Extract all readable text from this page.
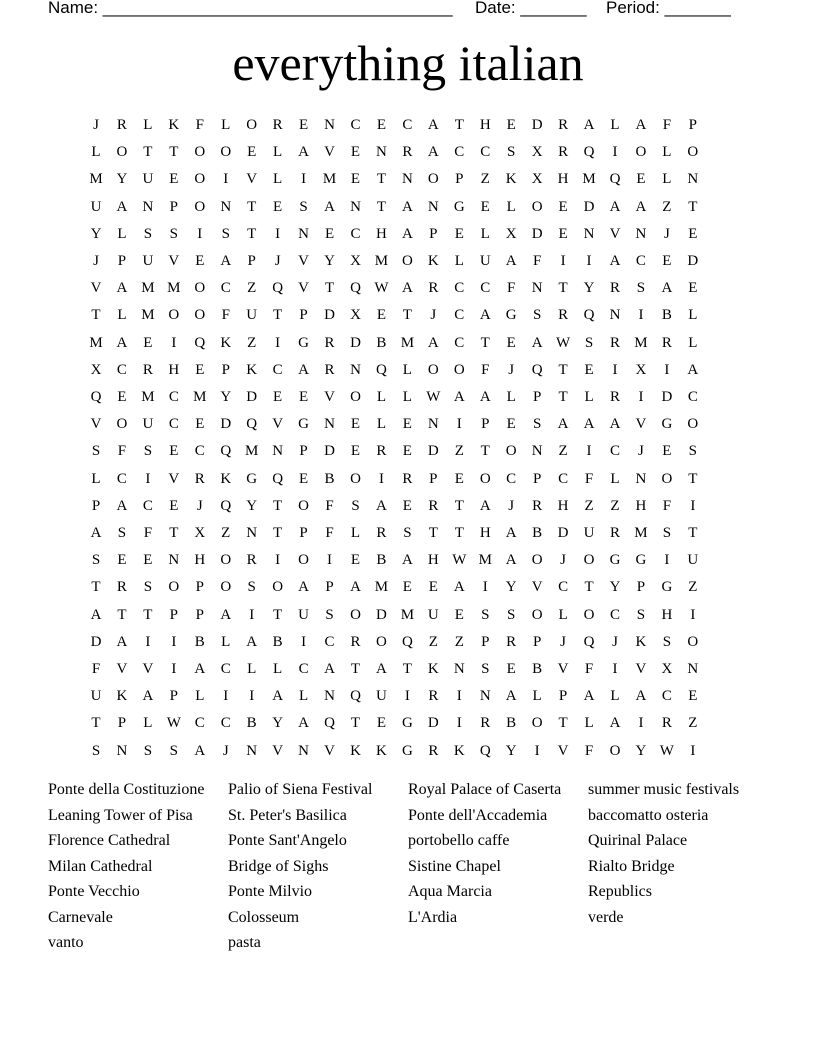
Name: _____________________________________ Date: _______ Period: _______
everything italian
J	R	L	K	F	L	O	R	E	N	C	E	C	A	T	H	E	D	R	A	L	A	F	P
L	O	T	T	O	O	E	L	A	V	E	N	R	A	C	C	S	X	R	Q	I	O	L	O
M Y	U	E	O	I	V	L	I	M E	T	N	O	P	Z	K	X	H M Q	E	L	N
U	A	N	P	O	N	T	E	S	A	N	T	A	N	G	E	L	O	E	D	A	A	Z	T
Y	L	S	S	I	S	T	I	N	E	C	H	A	P	E	L	X	D	E	N	V	N	J	E
J	P	U	V	E	A	P	J	V	Y	X M O	K	L	U	A	F	I	I	A	C	E	D
V	A M M O	C	Z	Q	V	T	Q W A	R	C	C	F	N	T	Y	R	S	A	E
T	L M O	O	F	U	T	P	D	X	E	T	J	C	A	G	S	R	Q	N	I	B	L
M A	E	I	Q	K	Z	I	G	R	D	B M A	C	T	E	A W S	R M R	L
X	C	R	H	E	P	K	C	A	R	N	Q	L	O	O	F	J	Q	T	E	I	X	I	A
Q	E M C M Y	D	E	E	V	O	L	L W A	A	L	P	T	L	R	I	D	C
V	O	U	C	E	D	Q	V	G	N	E	L	E	N	I	P	E	S	A	A	A	V	G	O
S	F	S	E	C	Q M N	P	D	E	R	E	D	Z	T	O	N	Z	I	C	J	E	S
L	C	I	V	R	K	G	Q	E	B	O	I	R	P	E	O	C	P	C	F	L	N	O	T
P	A	C	E	J	Q	Y	T	O	F	S	A	E	R	T	A	J	R	H	Z	Z	H	F	I
A	S	F	T	X	Z	N	T	P	F	L	R	S	T	T	H	A	B	D	U	R M	S	T
S	E	E	N	H	O	R	I	O	I	E	B	A	H W M A	O	J	O	G	G	I	U
T	R	S	O	P	O	S	O	A	P	A M E	E	A	I	Y	V	C	T	Y	P	G	Z
A	T	T	P	P	A	I	T	U	S	O	D M U	E	S	S	O	L	O	C	S	H	I
D	A	I	I	B	L	A	B	I	C	R	O	Q	Z	Z	P	R	P	J	Q	J	K	S	O
F	V	V	I	A	C	L	L	C	A	T	A	T	K	N	S	E	B	V	F	I	V	X	N
U	K	A	P	L	I	I	A	L	N	Q	U	I	R	I	N	A	L	P	A	L	A	C	E
T	P	L W C	C	B	Y	A	Q	T	E	G	D	I	R	B	O	T	L	A	I	R	Z
S	N	S	S	A	J	N	V	N	V	K	K	G	R	K	Q	Y	I	V	F	O	Y W	I
Ponte della Costituzione
Leaning Tower of Pisa
Florence Cathedral
Milan Cathedral
Ponte Vecchio
Carnevale
vanto
Palio of Siena Festival
St. Peter's Basilica
Ponte Sant'Angelo
Bridge of Sighs
Ponte Milvio
Colosseum
pasta
Royal Palace of Caserta
Ponte dell'Accademia
portobello caffe
Sistine Chapel
Aqua Marcia
L'Ardia
summer music festivals
baccomatto osteria
Quirinal Palace
Rialto Bridge
Republics
verde
